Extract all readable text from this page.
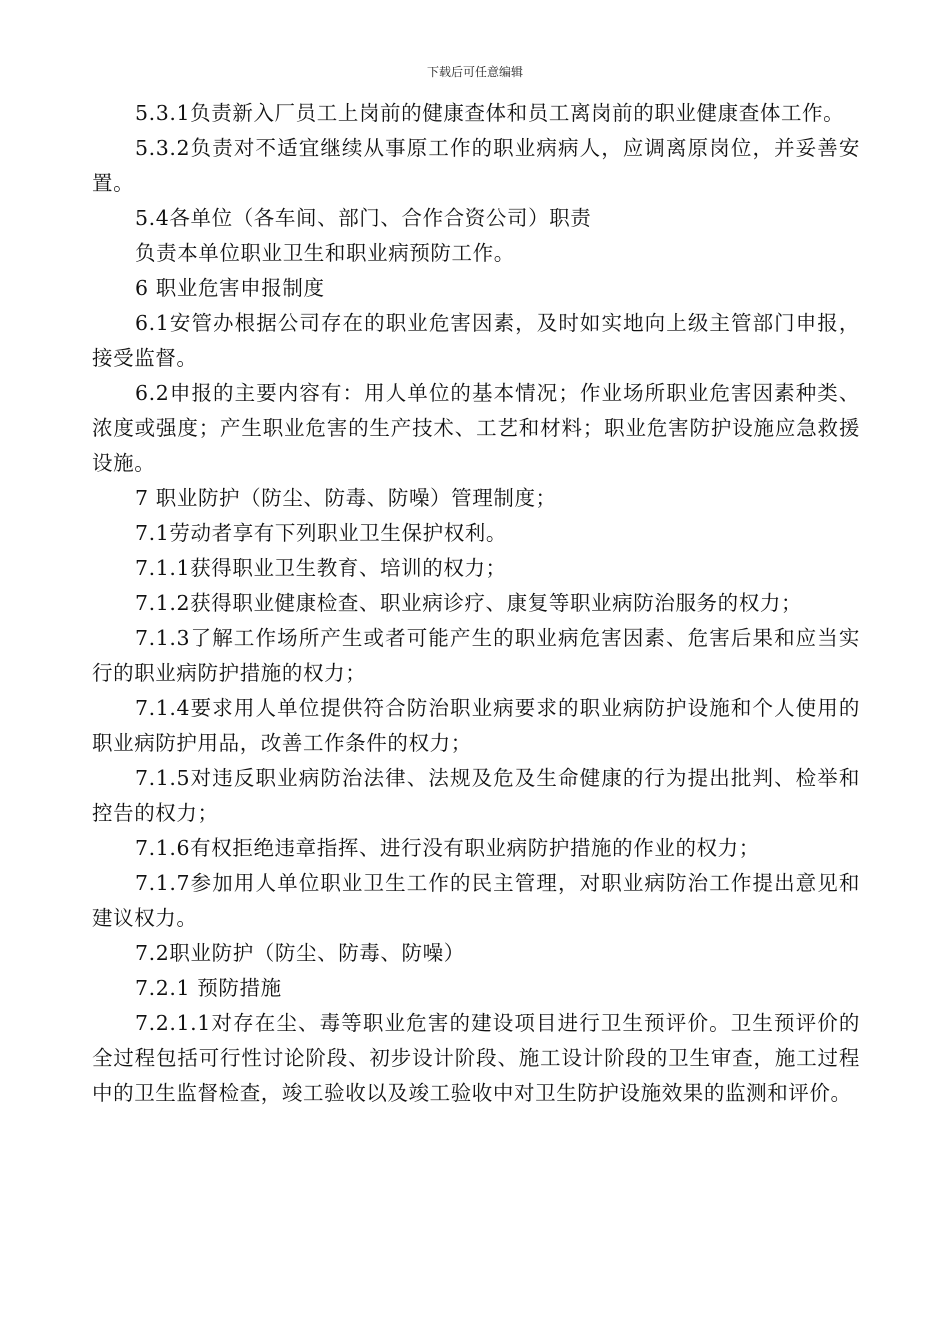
下载后可任意编辑

5.3.1负责新入厂员工上岗前的健康查体和员工离岗前的职业健康查体工作。

5.3.2负责对不适宜继续从事原工作的职业病病人，应调离原岗位，并妥善安置。

5.4各单位（各车间、部门、合作合资公司）职责

负责本单位职业卫生和职业病预防工作。

6 职业危害申报制度

6.1安管办根据公司存在的职业危害因素，及时如实地向上级主管部门申报，接受监督。

6.2申报的主要内容有：用人单位的基本情况；作业场所职业危害因素种类、浓度或强度；产生职业危害的生产技术、工艺和材料；职业危害防护设施应急救援设施。

7 职业防护（防尘、防毒、防噪）管理制度；

7.1劳动者享有下列职业卫生保护权利。

7.1.1获得职业卫生教育、培训的权力；

7.1.2获得职业健康检查、职业病诊疗、康复等职业病防治服务的权力；

7.1.3了解工作场所产生或者可能产生的职业病危害因素、危害后果和应当实行的职业病防护措施的权力；

7.1.4要求用人单位提供符合防治职业病要求的职业病防护设施和个人使用的职业病防护用品，改善工作条件的权力；

7.1.5对违反职业病防治法律、法规及危及生命健康的行为提出批判、检举和控告的权力；

7.1.6有权拒绝违章指挥、进行没有职业病防护措施的作业的权力；

7.1.7参加用人单位职业卫生工作的民主管理，对职业病防治工作提出意见和建议权力。

7.2职业防护（防尘、防毒、防噪）

7.2.1 预防措施

7.2.1.1对存在尘、毒等职业危害的建设项目进行卫生预评价。卫生预评价的全过程包括可行性讨论阶段、初步设计阶段、施工设计阶段的卫生审查，施工过程中的卫生监督检查，竣工验收以及竣工验收中对卫生防护设施效果的监测和评价。
